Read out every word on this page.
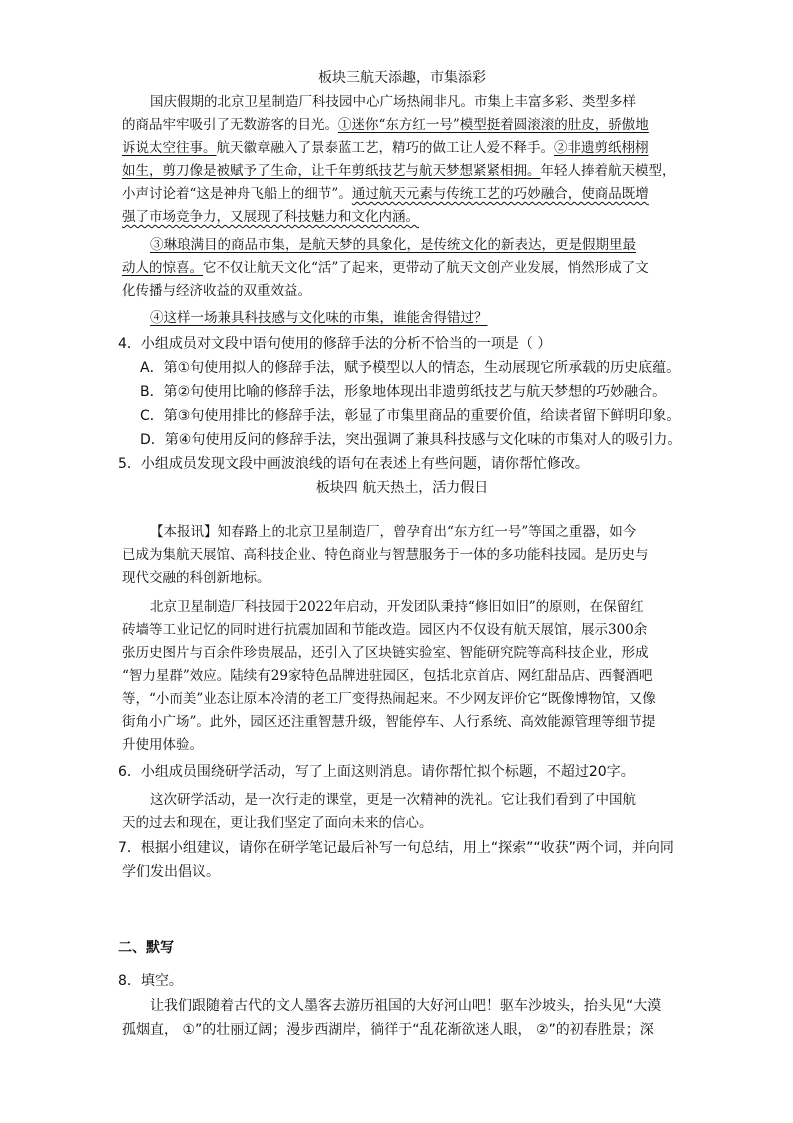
板块三航天添趣，市集添彩
国庆假期的北京卫星制造厂科技园中心广场热闹非凡。市集上丰富多彩、类型多样
的商品牢牢吸引了无数游客的目光。①迷你“东方红一号”模型挺着圆滚滚的肚皮，骄傲地
诉说太空往事。航天徽章融入了景泰蓝工艺，精巧的做工让人爱不释手。②非遗剪纸栩栩
如生，剪刀像是被赋予了生命，让千年剪纸技艺与航天梦想紧紧相拥。年轻人捧着航天模型，
小声讨论着“这是神舟飞船上的细节”。通过航天元素与传统工艺的巧妙融合，使商品既增
强了市场竞争力，又展现了科技魅力和文化内涵。
③琳琅满目的商品市集，是航天梦的具象化，是传统文化的新表达，更是假期里最
动人的惊喜。它不仅让航天文化“活”了起来，更带动了航天文创产业发展，悄然形成了文
化传播与经济收益的双重效益。
④这样一场兼具科技感与文化味的市集，谁能舍得错过？
4．小组成员对文段中语句使用的修辞手法的分析不恰当的一项是（ ）
A．第①句使用拟人的修辞手法，赋予模型以人的情态，生动展现它所承载的历史底蕴。
B．第②句使用比喻的修辞手法，形象地体现出非遗剪纸技艺与航天梦想的巧妙融合。
C．第③句使用排比的修辞手法，彰显了市集里商品的重要价值，给读者留下鲜明印象。
D．第④句使用反问的修辞手法，突出强调了兼具科技感与文化味的市集对人的吸引力。
5．小组成员发现文段中画波浪线的语句在表述上有些问题，请你帮忙修改。
板块四 航天热土，活力假日
【本报讯】知春路上的北京卫星制造厂，曾孕育出“东方红一号”等国之重器，如今
已成为集航天展馆、高科技企业、特色商业与智慧服务于一体的多功能科技园。是历史与
现代交融的科创新地标。
北京卫星制造厂科技园于2022年启动，开发团队秉持“修旧如旧”的原则，在保留红
砖墙等工业记忆的同时进行抗震加固和节能改造。园区内不仅设有航天展馆，展示300余
张历史图片与百余件珍贵展品，还引入了区块链实验室、智能研究院等高科技企业，形成
“智力星群”效应。陆续有29家特色品牌进驻园区，包括北京首店、网红甜品店、西餐酒吧
等，“小而美”业态让原本冷清的老工厂变得热闹起来。不少网友评价它“既像博物馆，又像
街角小广场”。此外，园区还注重智慧升级，智能停车、人行系统、高效能源管理等细节提
升使用体验。
6．小组成员围绕研学活动，写了上面这则消息。请你帮忙拟个标题，不超过20字。
这次研学活动，是一次行走的课堂，更是一次精神的洗礼。它让我们看到了中国航
天的过去和现在，更让我们坚定了面向未来的信心。
7．根据小组建议，请你在研学笔记最后补写一句总结，用上“探索”“收获”两个词，并向同
学们发出倡议。
二、默写
8．填空。
让我们跟随着古代的文人墨客去游历祖国的大好河山吧！驱车沙坡头，抬头见“大漠
孤烟直， ①”的壮丽辽阔；漫步西湖岸，徜徉于“乱花渐欲迷人眼， ②”的初春胜景；深
